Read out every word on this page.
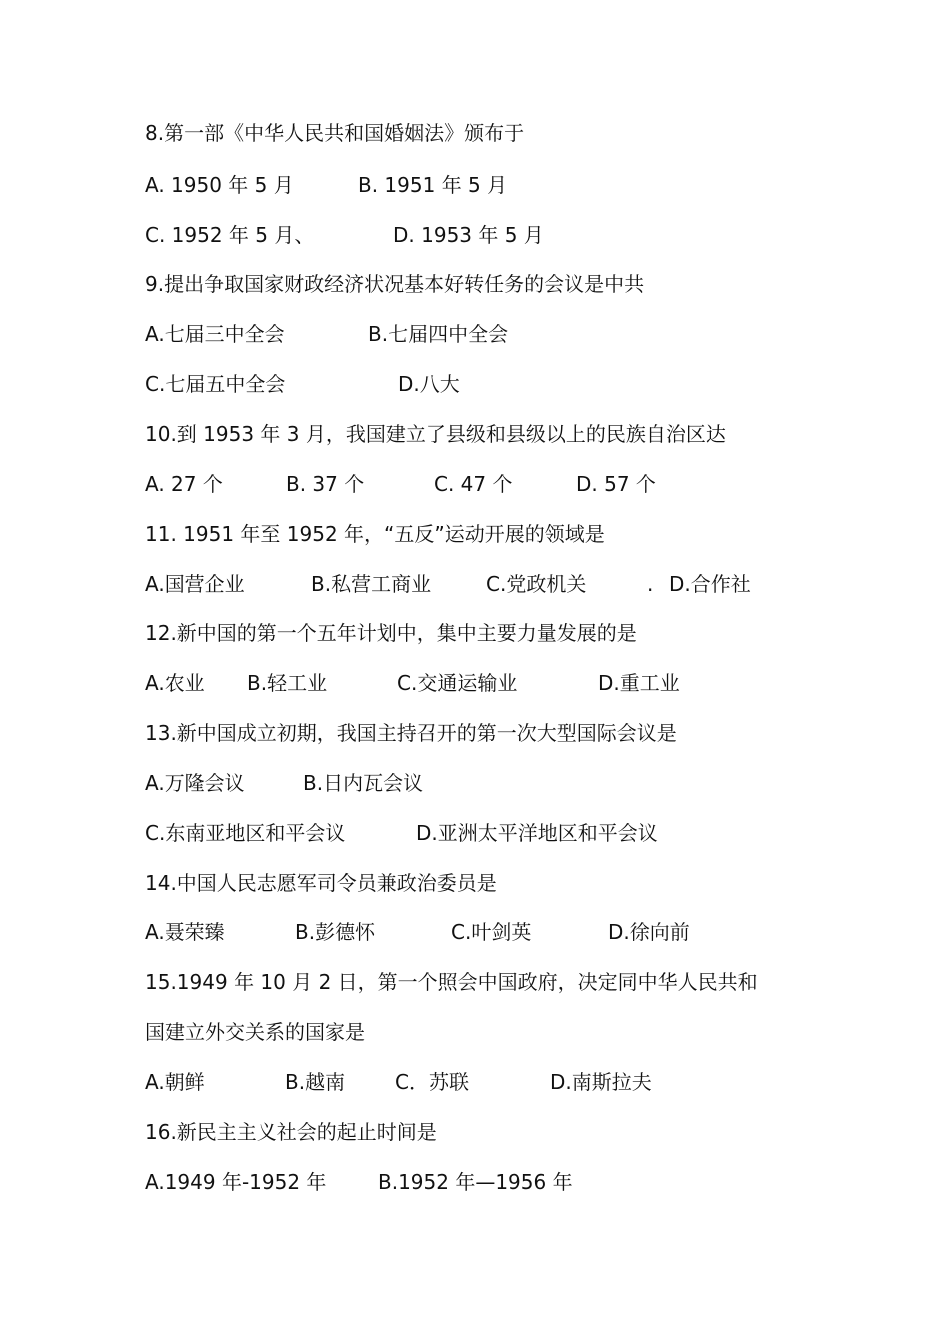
8.第一部《中华人民共和国婚姻法》颁布于
A. 1950 年 5 月	B. 1951 年 5 月
C. 1952 年 5 月、	D. 1953 年 5 月
9.提出争取国家财政经济状况基本好转任务的会议是中共
A.七届三中全会	B.七届四中全会
C.七届五中全会	D.八大
10.到 1953 年 3 月，我国建立了县级和县级以上的民族自治区达
A. 27 个	B. 37 个	C. 47 个	D. 57 个
11. 1951 年至 1952 年，“五反”运动开展的领域是
A.国营企业	B.私营工商业	C.党政机关	. D.合作社
12.新中国的第一个五年计划中，集中主要力量发展的是
A.农业 B.轻工业	C.交通运输业	D.重工业
13.新中国成立初期，我国主持召开的第一次大型国际会议是
A.万隆会议	B.日内瓦会议
C.东南亚地区和平会议	D.亚洲太平洋地区和平会议
14.中国人民志愿军司令员兼政治委员是
A.聂荣臻	B.彭德怀	C.叶剑英	D.徐向前
15.1949 年 10 月 2 日，第一个照会中国政府，决定同中华人民共和
国建立外交关系的国家是
A.朝鲜	B.越南 C．苏联	D.南斯拉夫
16.新民主主义社会的起止时间是
A.1949 年-1952 年	B.1952 年—1956 年
